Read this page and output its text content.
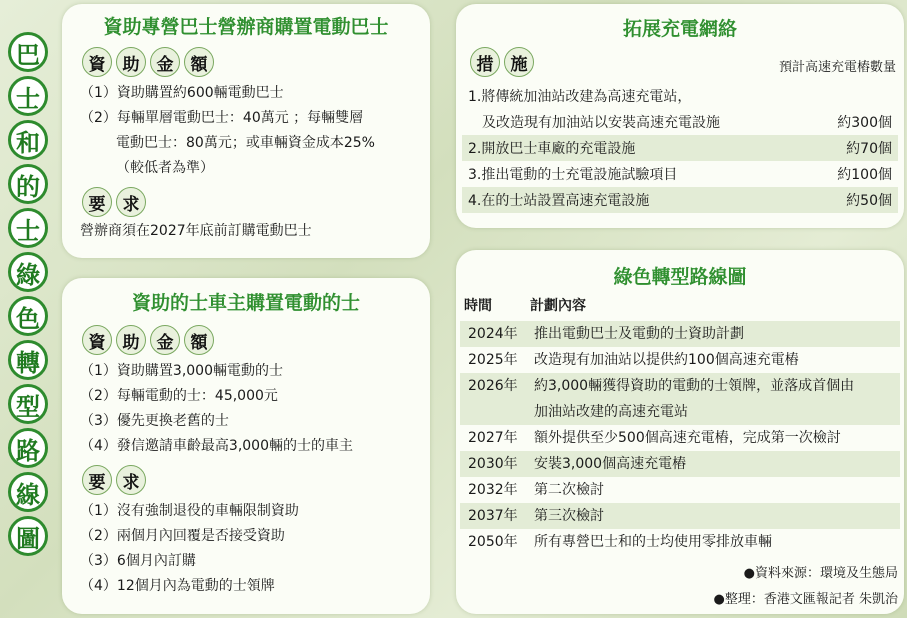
巴
士
和
的
士
綠
色
轉
型
路
線
圖
資助專營巴士營辦商購置電動巴士
資	助	金	額
（1）資助購置約600輛電動巴士
（2）每輛單層電動巴士：40萬元 ；每輛雙層
電動巴士：80萬元；或車輛資金成本25%
（較低者為準）
要	求
營辦商須在2027年底前訂購電動巴士
資助的士車主購置電動的士
資	助	金	額
（1）資助購置3,000輛電動的士
（2）每輛電動的士：45,000元
（3）優先更換老舊的士
（4）發信邀請車齡最高3,000輛的士的車主
要	求
（1）沒有強制退役的車輛限制資助
（2）兩個月內回覆是否接受資助
（3）6個月內訂購
（4）12個月內為電動的士領牌
拓展充電網絡
措	施	預計高速充電樁數量
1.將傳統加油站改建為高速充電站，
及改造現有加油站以安裝高速充電設施	約300個
2.開放巴士車廠的充電設施	約70個
3.推出電動的士充電設施試驗項目	約100個
4.在的士站設置高速充電設施	約50個
綠色轉型路線圖
時間	計劃內容
2024年	推出電動巴士及電動的士資助計劃
2025年	改造現有加油站以提供約100個高速充電樁
2026年	約3,000輛獲得資助的電動的士領牌，並落成首個由
加油站改建的高速充電站
2027年	額外提供至少500個高速充電樁，完成第一次檢討
2030年	安裝3,000個高速充電樁
2032年	第二次檢討
2037年	第三次檢討
2050年	所有專營巴士和的士均使用零排放車輛
●資料來源：環境及生態局
●整理：香港文匯報記者 朱凱治
